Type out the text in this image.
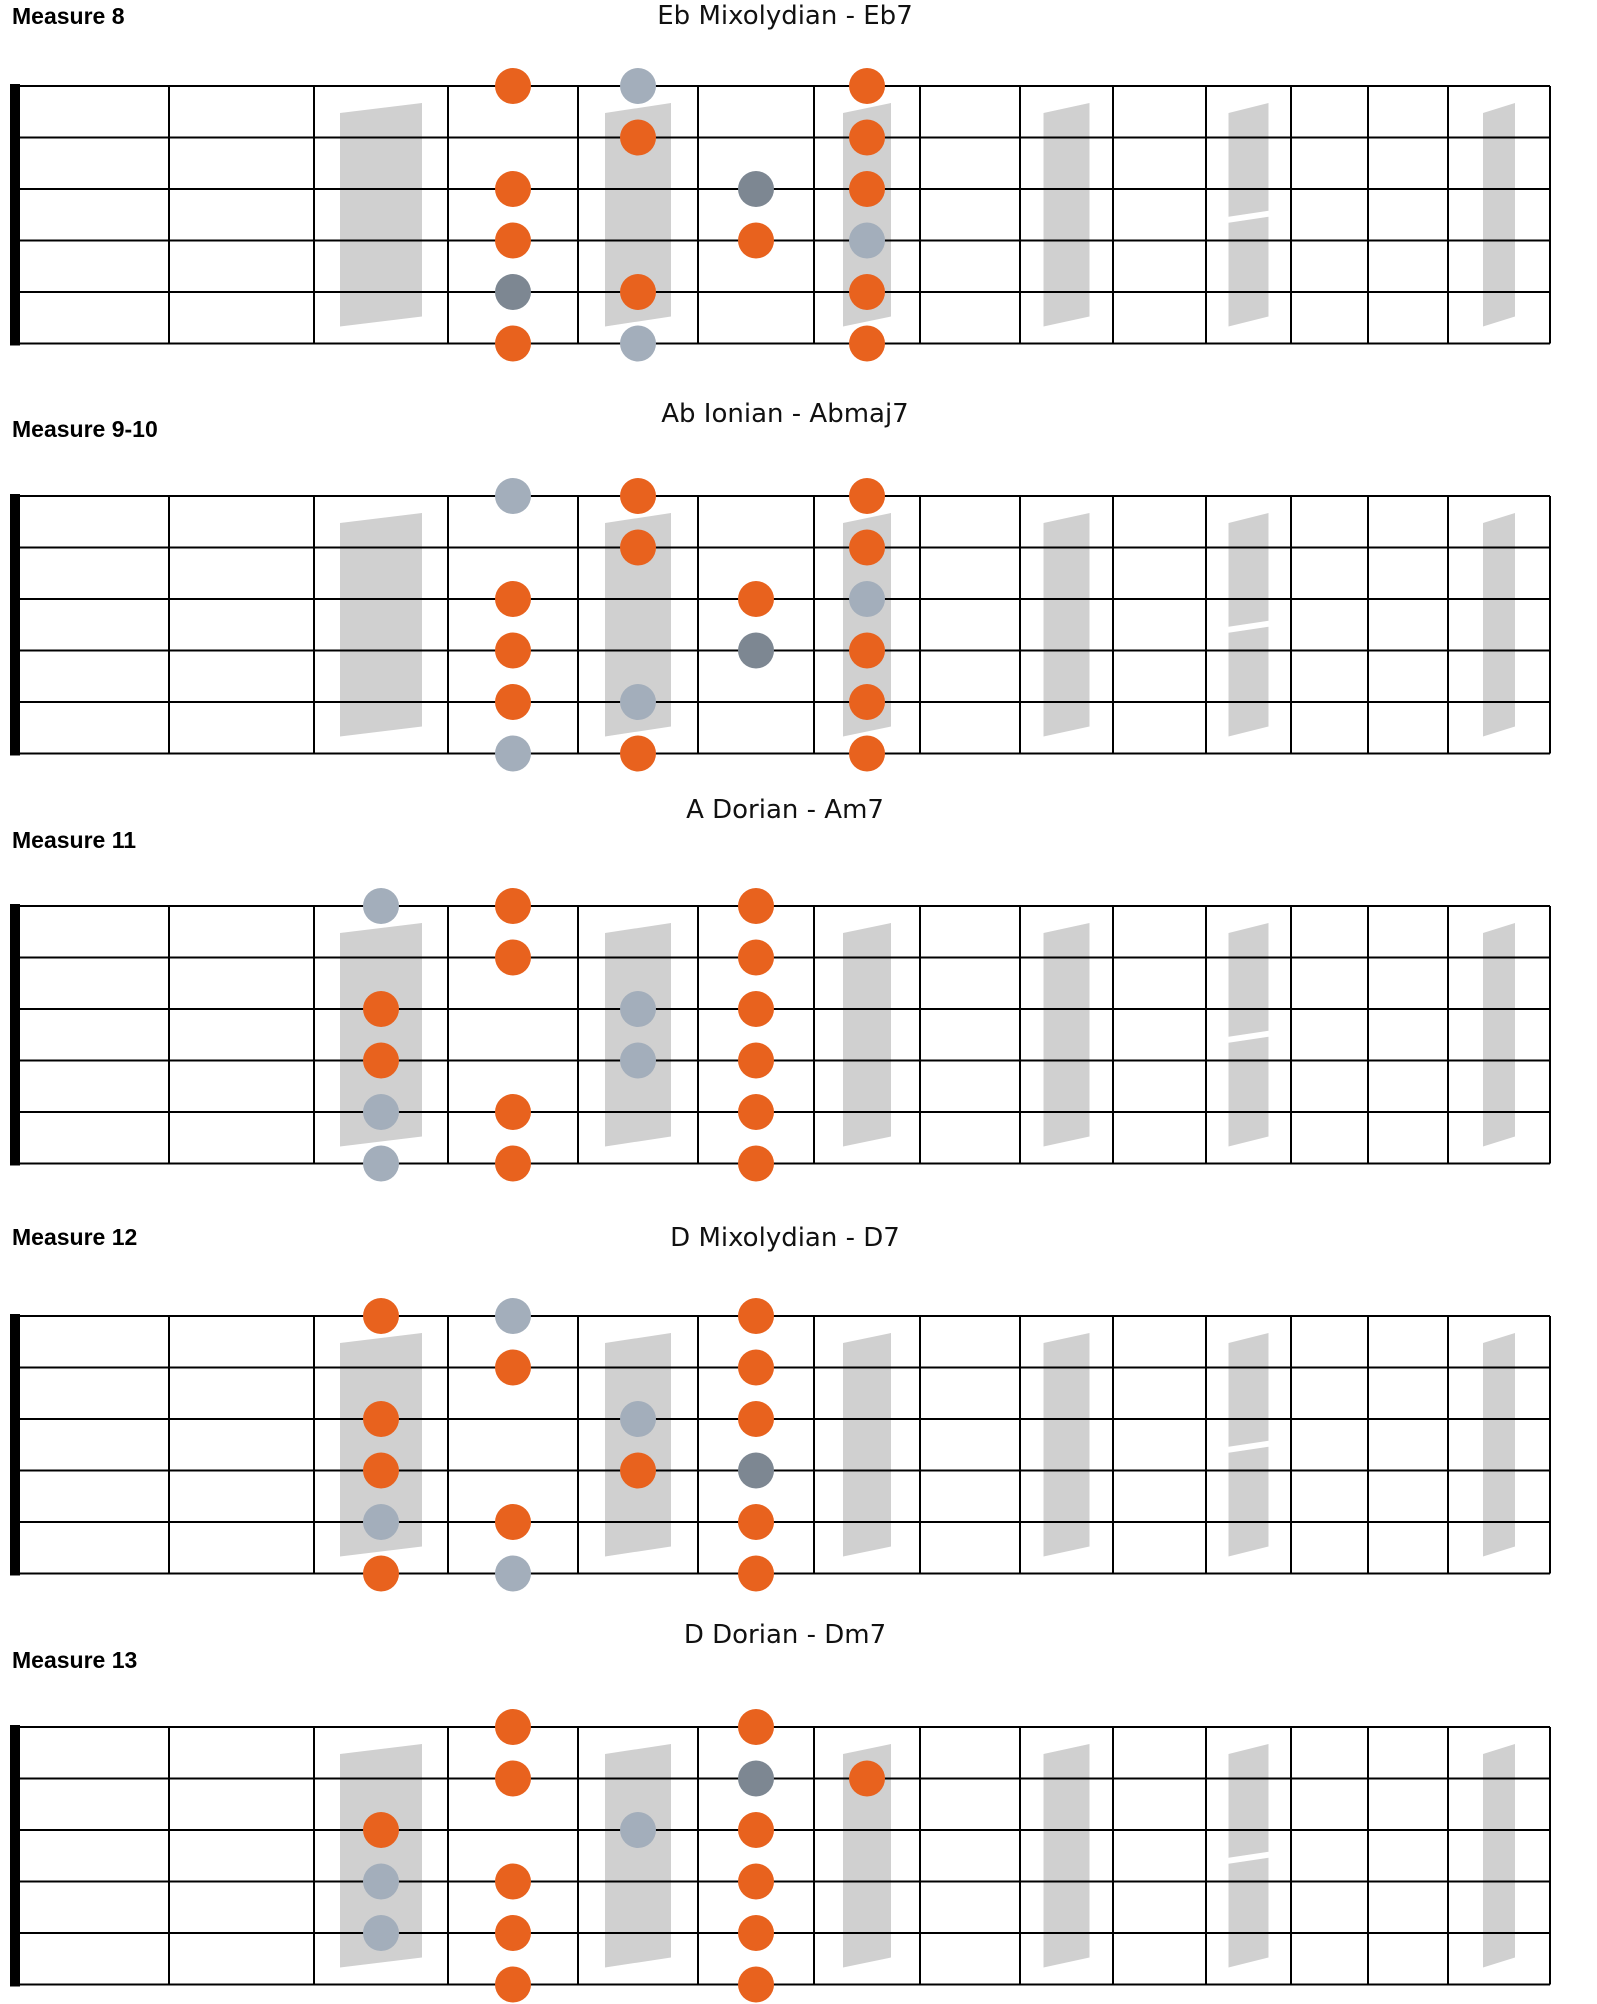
Measure 8	Eb Mixolydian - Eb7
Measure 9-10	Ab Ionian - Abmaj7
Measure 11
A Dorian - Am7
Measure 12	D Mixolydian - D7
Measure 13
D Dorian - Dm7
